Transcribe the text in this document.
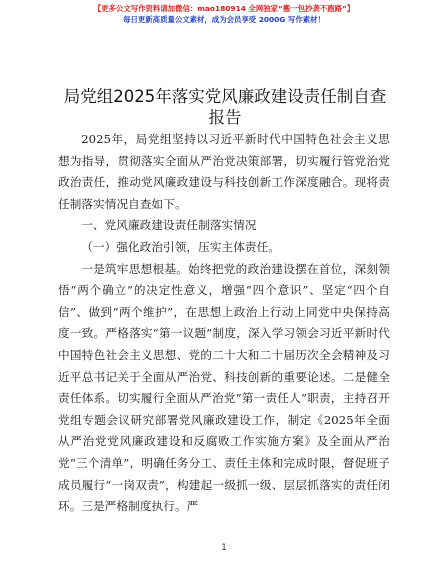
【更多公文写作资料请加微信：mao180914 全网独家“搬一包抄袭不跑路”】
每日更新高质量公文素材，成为会员享受 2000G 写作素材！
局党组2025年落实党风廉政建设责任制自查报告

2025年，局党组坚持以习近平新时代中国特色社会主义思想为指导，贯彻落实全面从严治党决策部署，切实履行管党治党政治责任，推动党风廉政建设与科技创新工作深度融合。现将责任制落实情况自查如下。

一、党风廉政建设责任制落实情况

（一）强化政治引领，压实主体责任。

一是筑牢思想根基。始终把党的政治建设摆在首位，深刻领悟“两个确立”的决定性意义，增强“四个意识”、坚定“四个自信”、做到“两个维护”，在思想上政治上行动上同党中央保持高度一致。严格落实“第一议题”制度，深入学习领会习近平新时代中国特色社会主义思想、党的二十大和二十届历次全会精神及习近平总书记关于全面从严治党、科技创新的重要论述。二是健全责任体系。切实履行全面从严治党“第一责任人”职责，主持召开党组专题会议研究部署党风廉政建设工作，制定《2025年全面从严治党党风廉政建设和反腐败工作实施方案》及全面从严治党“三个清单”，明确任务分工、责任主体和完成时限，督促班子成员履行“一岗双责”，构建起一级抓一级、层层抓落实的责任闭环。三是严格制度执行。严

1
